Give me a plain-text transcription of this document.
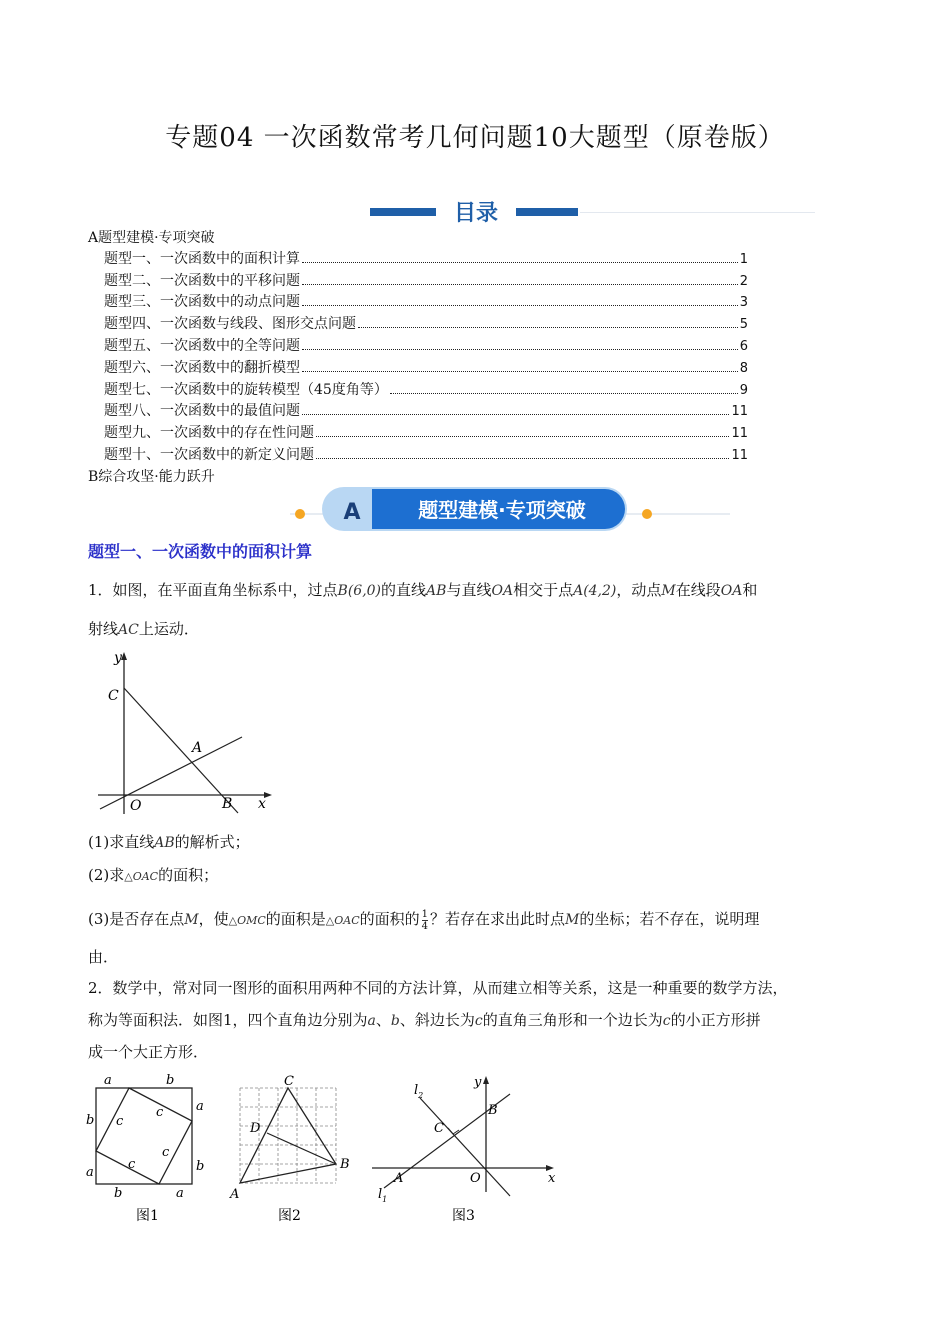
专题04 一次函数常考几何问题10大题型（原卷版）
目录
A题型建模·专项突破
题型一、一次函数中的面积计算	1
题型二、一次函数中的平移问题	2
题型三、一次函数中的动点问题	3
题型四、一次函数与线段、图形交点问题	5
题型五、一次函数中的全等问题	6
题型六、一次函数中的翻折模型	8
题型七、一次函数中的旋转模型（45度角等）	9
题型八、一次函数中的最值问题	11
题型九、一次函数中的存在性问题	11
题型十、一次函数中的新定义问题	11
B综合攻坚·能力跃升
A	题型建模·专项突破
题型一、一次函数中的面积计算
1．如图，在平面直角坐标系中，过点B(6,0)的直线AB与直线OA相交于点A(4,2)，动点M在线段OA和
射线AC上运动．
y
x
C
A
O	B
(1)求直线AB的解析式；
(2)求△OAC的面积；
(3)是否存在点M，使△OMC的面积是△OAC的面积的 $\frac{1}{4}$ ？若存在求出此时点M的坐标；若不存在，说明理
由．
2．数学中，常对同一图形的面积用两种不同的方法计算，从而建立相等关系，这是一种重要的数学方法，
称为等面积法．如图1，四个直角边分别为a、b、斜边长为c的直角三角形和一个边长为c的小正方形拼
成一个大正方形．
a	b
b
a
a
b
b	a
c
c
c
c
图1
C
D
B
A
图2
y
x
$l_2$
$l_1$
B
C
A	O
图3
